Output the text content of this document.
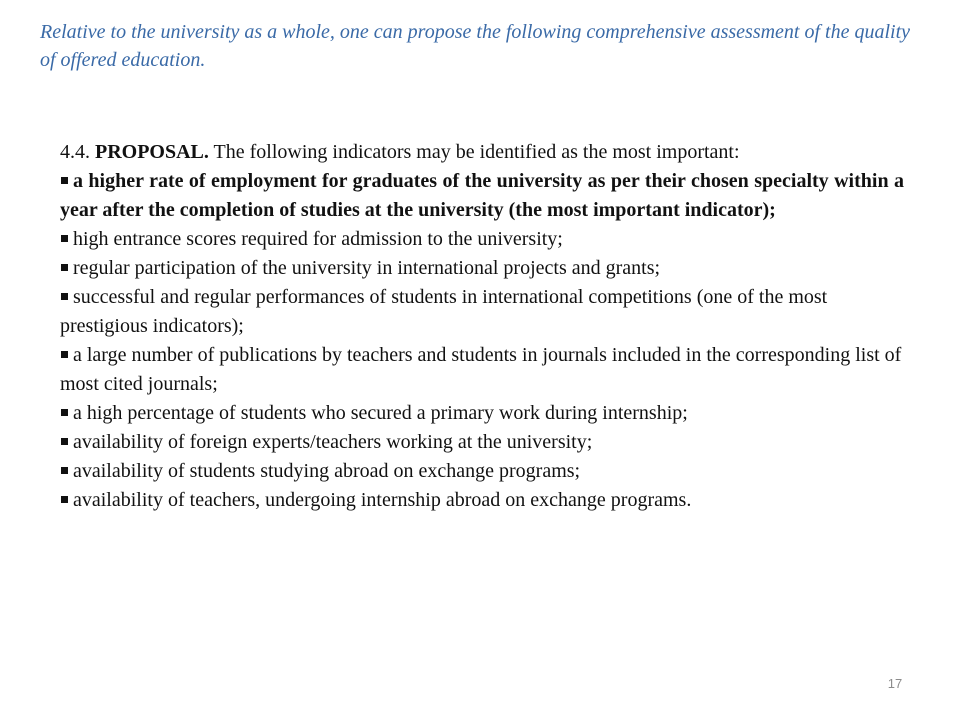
Relative to the university as a whole, one can propose the following comprehensive assessment of the quality of offered education.

4.4. PROPOSAL. The following indicators may be identified as the most important:

a higher rate of employment for graduates of the university as per their chosen specialty within a year after the completion of studies at the university (the most important indicator);
high entrance scores required for admission to the university;
regular participation of the university in international projects and grants;
successful and regular performances of students in international competitions (one of the most prestigious indicators);
a large number of publications by teachers and students in journals included in the corresponding list of most cited journals;
a high percentage of students who secured a primary work during internship;
availability of foreign experts/teachers working at the university;
availability of students studying abroad on exchange programs;
availability of teachers, undergoing internship abroad on exchange programs.
17
